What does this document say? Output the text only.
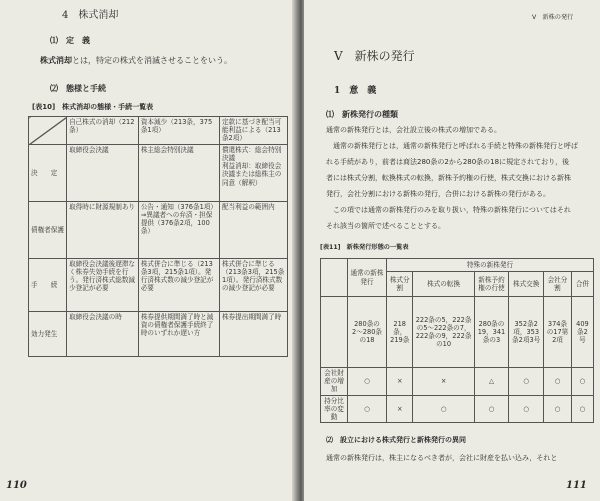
4　株式消却
⑴　定　義
株式消却とは，特定の株式を消滅させることをいう。
⑵　態様と手続
[表10]　株式消却の態様・手続一覧表
	自己株式の消却（212条）	資本減少（213条，375条1項）	定款に基づき配当可能利益による（213条2項）
決　　定	取締役会決議	株主総会特別決議	償還株式：総会特別決議
利益消却：取締役会決議または総株主の同意（解釈）
債権者保護	取得時に財源規制あり	公告・通知（376条1項）
⇒異議者への弁済・担保提供（376条2項，100条）	配当利益の範囲内
手　　続	取締役会決議後遅滞なく株券失効手続を行う。発行済株式総数減少登記が必要	株式併合に準じる（213条3項，215条1項）。発行済株式数の減少登記が必要	株式併合に準じる（213条3項，215条1項）。発行済株式数の減少登記が必要
効力発生	取締役会決議の時	株券提供期間満了時と減資の債権者保護手続終了時のいずれか遅い方	株券提出期間満了時
110
V　新株の発行
V　新株の発行
1　意　義
⑴　新株発行の種類
通常の新株発行とは，会社設立後の株式の増加である。
　通常の新株発行とは，通常の新株発行と呼ばれる手続と特殊の新株発行と呼ば
れる手続があり，前者は商法280条の2から280条の18に規定されており，後
者には株式分割，転換株式の転換，新株予約権の行使，株式交換における新株
発行，会社分割における新株の発行，合併における新株の発行がある。
　この項では通常の新株発行のみを取り扱い，特殊の新株発行についてはそれ
それ該当の箇所で述べることとする。
[表11]　新株発行形態の一覧表
	通常の新株発行	特殊の新株発行					
		株式分割	株式の転換	新株予約権の行使	株式交換	会社分割	合併
	280条の2〜280条の18	218条，219条	222条の5，222条の5〜222条の7，222条の9，222条の10	280条の19，341条の3	352条2項，353条2項3号	374条の17第2項	409条2号
会社財産の増加	○	×	×	△	○	○	○
持分比率の変動	○	×	○	○	○	○	○
⑵　設立における株式発行と新株発行の異同
通常の新株発行は，株主になるべき者が，会社に財産を払い込み，それと
111
